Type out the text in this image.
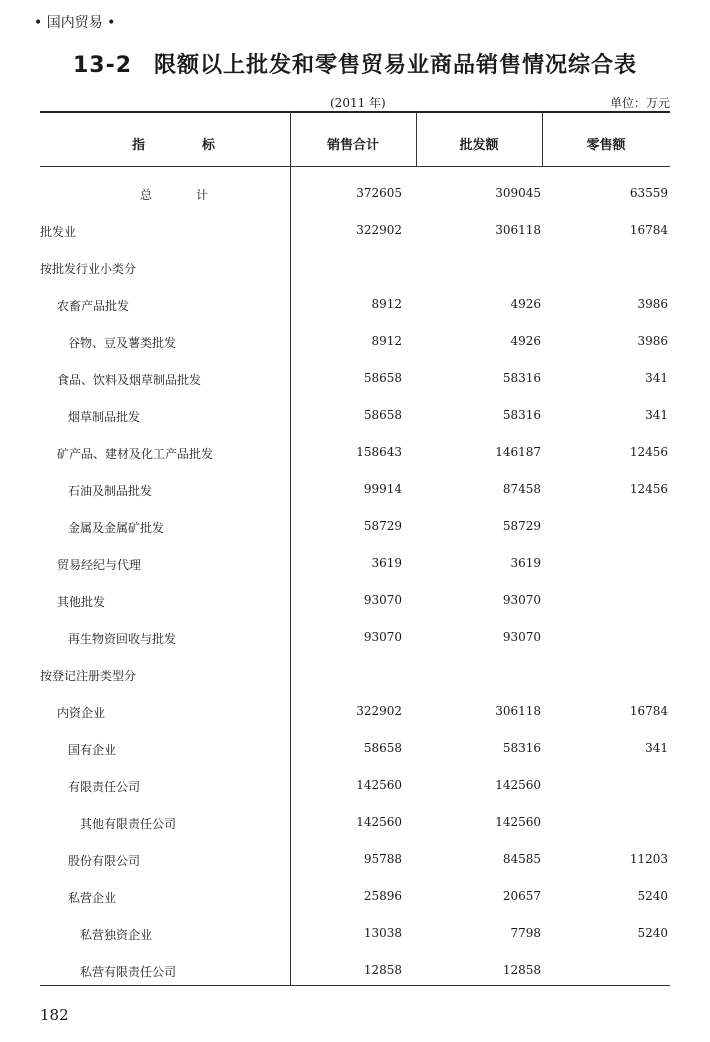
• 国内贸易 •
13-2 限额以上批发和零售贸易业商品销售情况综合表
(2011 年)	单位：万元
指	标	销售合计	批发额	零售额
总	计	372605	309045	63559
批发业	322902	306118	16784
按批发行业小类分
农畜产品批发	8912	4926	3986
谷物、豆及薯类批发	8912	4926	3986
食品、饮料及烟草制品批发	58658	58316	341
烟草制品批发	58658	58316	341
矿产品、建材及化工产品批发	158643	146187	12456
石油及制品批发	99914	87458	12456
金属及金属矿批发	58729	58729
贸易经纪与代理	3619	3619
其他批发	93070	93070
再生物资回收与批发	93070	93070
按登记注册类型分
内资企业	322902	306118	16784
国有企业	58658	58316	341
有限责任公司	142560	142560
其他有限责任公司	142560	142560
股份有限公司	95788	84585	11203
私营企业	25896	20657	5240
私营独资企业	13038	7798	5240
私营有限责任公司	12858	12858
182
